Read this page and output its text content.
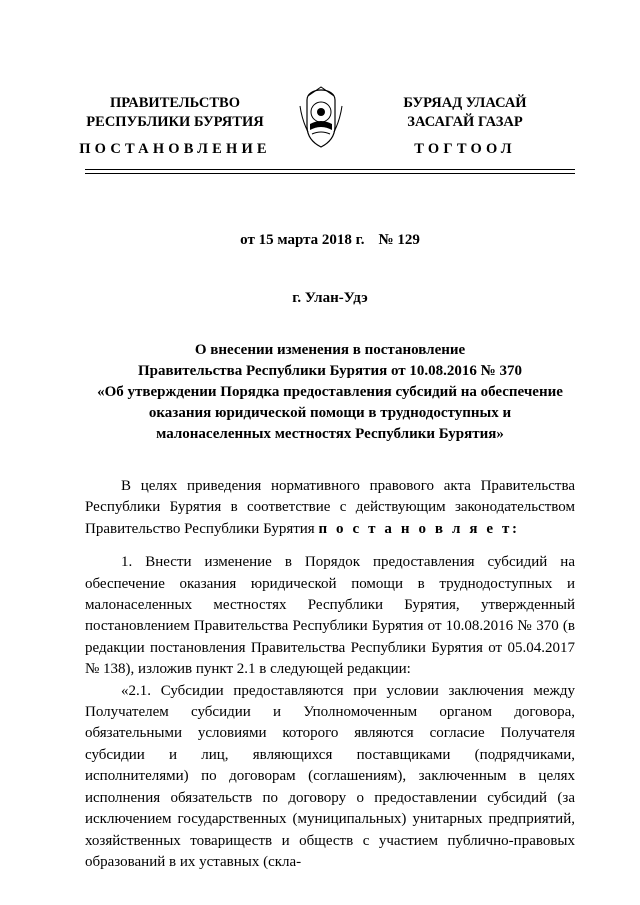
ПРАВИТЕЛЬСТВО
РЕСПУБЛИКИ БУРЯТИЯ
БУРЯАД УЛАСАЙ
ЗАСАГАЙ ГАЗАР
ПОСТАНОВЛЕНИЕ	ТОГТООЛ
от 15 марта 2018 г. № 129
г. Улан-Удэ
О внесении изменения в постановление
Правительства Республики Бурятия от 10.08.2016 № 370
«Об утверждении Порядка предоставления субсидий на обеспечение
оказания юридической помощи в труднодоступных и
малонаселенных местностях Республики Бурятия»

В целях приведения нормативного правового акта Правительства Республики Бурятия в соответствие с действующим законодательством Правительство Республики Бурятия п о с т а н о в л я е т:

1. Внести изменение в Порядок предоставления субсидий на обеспечение оказания юридической помощи в труднодоступных и малонаселенных местностях Республики Бурятия, утвержденный постановлением Правительства Республики Бурятия от 10.08.2016 № 370 (в редакции постановления Правительства Республики Бурятия от 05.04.2017 № 138), изложив пункт 2.1 в следующей редакции:

«2.1. Субсидии предоставляются при условии заключения между Получателем субсидии и Уполномоченным органом договора, обязательными условиями которого являются согласие Получателя субсидии и лиц, являющихся поставщиками (подрядчиками, исполнителями) по договорам (соглашениям), заключенным в целях исполнения обязательств по договору о предоставлении субсидий (за исключением государственных (муниципальных) унитарных предприятий, хозяйственных товариществ и обществ с участием публично-правовых образований в их уставных (скла-
